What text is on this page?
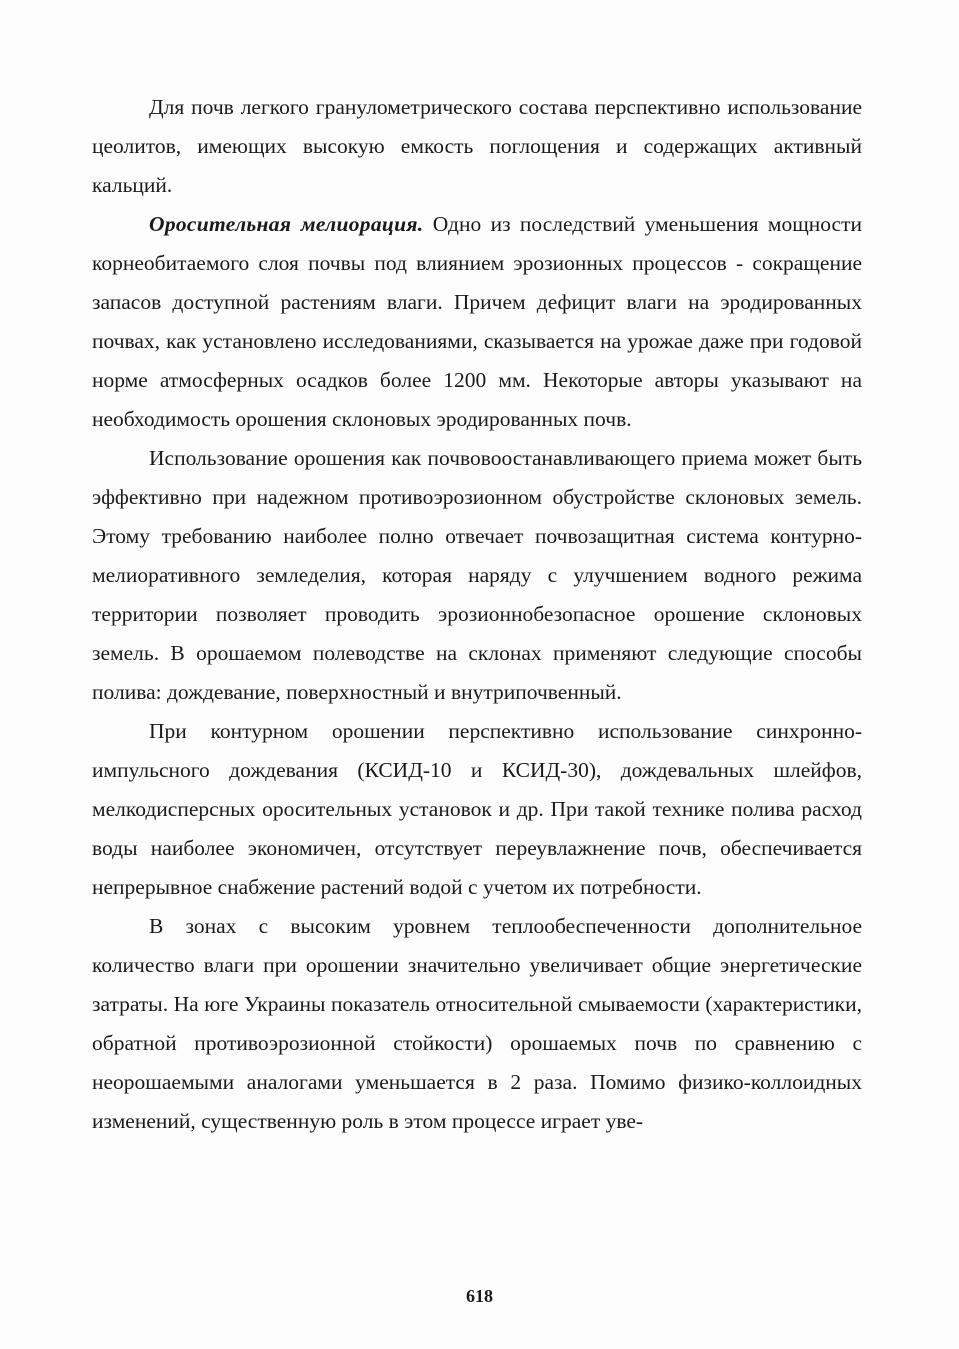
Для почв легкого гранулометрического состава перспективно использование цеолитов, имеющих высокую емкость поглощения и содержащих активный кальций.

Оросительная мелиорация. Одно из последствий уменьшения мощности корнеобитаемого слоя почвы под влиянием эрозионных процессов - сокращение запасов доступной растениям влаги. Причем дефицит влаги на эродированных почвах, как установлено исследованиями, сказывается на урожае даже при годовой норме атмосферных осадков более 1200 мм. Некоторые авторы указывают на необходимость орошения склоновых эродированных почв.

Использование орошения как почвовоостанавливающего приема может быть эффективно при надежном противоэрозионном обустройстве склоновых земель. Этому требованию наиболее полно отвечает почвозащитная система контурно-мелиоративного земледелия, которая наряду с улучшением водного режима территории позволяет проводить эрозионнобезопасное орошение склоновых земель. В орошаемом полеводстве на склонах применяют следующие способы полива: дождевание, поверхностный и внутрипочвенный.

При контурном орошении перспективно использование синхронно-импульсного дождевания (КСИД-10 и КСИД-30), дождевальных шлейфов, мелкодисперсных оросительных установок и др. При такой технике полива расход воды наиболее экономичен, отсутствует переувлажнение почв, обеспечивается непрерывное снабжение растений водой с учетом их потребности.

В зонах с высоким уровнем теплообеспеченности дополнительное количество влаги при орошении значительно увеличивает общие энергетические затраты. На юге Украины показатель относительной смываемости (характеристики, обратной противоэрозионной стойкости) орошаемых почв по сравнению с неорошаемыми аналогами уменьшается в 2 раза. Помимо физико-коллоидных изменений, существенную роль в этом процессе играет уве-

618
